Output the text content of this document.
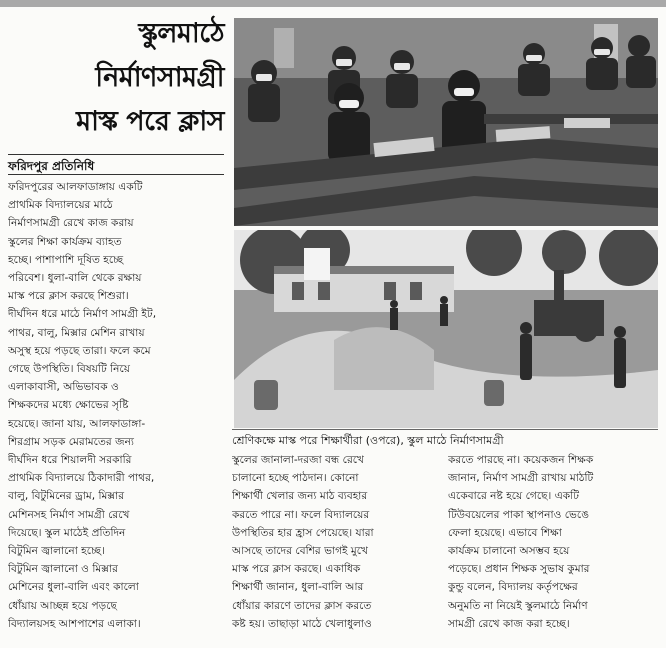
স্কুলমাঠে
নির্মাণসামগ্রী
মাস্ক পরে ক্লাস
ফরিদপুর প্রতিনিধি
শ্রেণিকক্ষে মাস্ক পরে শিক্ষার্থীরা (ওপরে), স্কুল মাঠে নির্মাণসামগ্রী
ফরিদপুরের আলফাডাঙ্গায় একটি
প্রাথমিক বিদ্যালয়ের মাঠে
নির্মাণসামগ্রী রেখে কাজ করায়
স্কুলের শিক্ষা কার্যক্রম ব্যাহত
হচ্ছে। পাশাপাশি দূষিত হচ্ছে
পরিবেশ। ধুলা-বালি থেকে রক্ষায়
মাস্ক পরে ক্লাস করছে শিশুরা।
দীর্ঘদিন ধরে মাঠে নির্মাণ সামগ্রী ইট,
পাথর, বালু, মিক্সার মেশিন রাখায়
অসুস্থ হয়ে পড়ছে তারা। ফলে কমে
গেছে উপস্থিতি। বিষয়টি নিয়ে
এলাকাবাসী, অভিভাবক ও
শিক্ষকদের মধ্যে ক্ষোভের সৃষ্টি
হয়েছে। জানা যায়, আলফাডাঙ্গা-
শিরগ্রাম সড়ক মেরামতের জন্য
দীর্ঘদিন ধরে শিয়ালদী সরকারি
প্রাথমিক বিদ্যালয়ে ঠিকাদারী পাথর,
বালু, বিটুমিনের ড্রাম, মিক্সার
মেশিনসহ নির্মাণ সামগ্রী রেখে
দিয়েছে। স্কুল মাঠেই প্রতিদিন
বিটুমিন জ্বালানো হচ্ছে।
বিটুমিন জ্বালানো ও মিক্সার
মেশিনের ধুলা-বালি এবং কালো
ধোঁয়ায় আচ্ছন্ন হয়ে পড়ছে
বিদ্যালয়সহ আশপাশের এলাকা।
স্কুলের জানালা-দরজা বন্ধ রেখে
চালানো হচ্ছে পাঠদান। কোনো
শিক্ষার্থী খেলার জন্য মাঠ ব্যবহার
করতে পারে না। ফলে বিদ্যালয়ের
উপস্থিতির হার হ্রাস পেয়েছে। যারা
আসছে তাদের বেশির ভাগই মুখে
মাস্ক পরে ক্লাস করছে। একাধিক
শিক্ষার্থী জানান, ধুলা-বালি আর
ধোঁয়ার কারণে তাদের ক্লাস করতে
কষ্ট হয়। তাছাড়া মাঠে খেলাধুলাও
করতে পারছে না। কয়েকজন শিক্ষক
জানান, নির্মাণ সামগ্রী রাখায় মাঠটি
একেবারে নষ্ট হয়ে গেছে। একটি
টিউবয়েলের পাকা স্থাপনাও ভেঙে
ফেলা হয়েছে। এভাবে শিক্ষা
কার্যক্রম চালানো অসম্ভব হয়ে
পড়েছে। প্রধান শিক্ষক সুভাষ কুমার
কুন্ডু বলেন, বিদ্যালয় কর্তৃপক্ষের
অনুমতি না নিয়েই স্কুলমাঠে নির্মাণ
সামগ্রী রেখে কাজ করা হচ্ছে।
